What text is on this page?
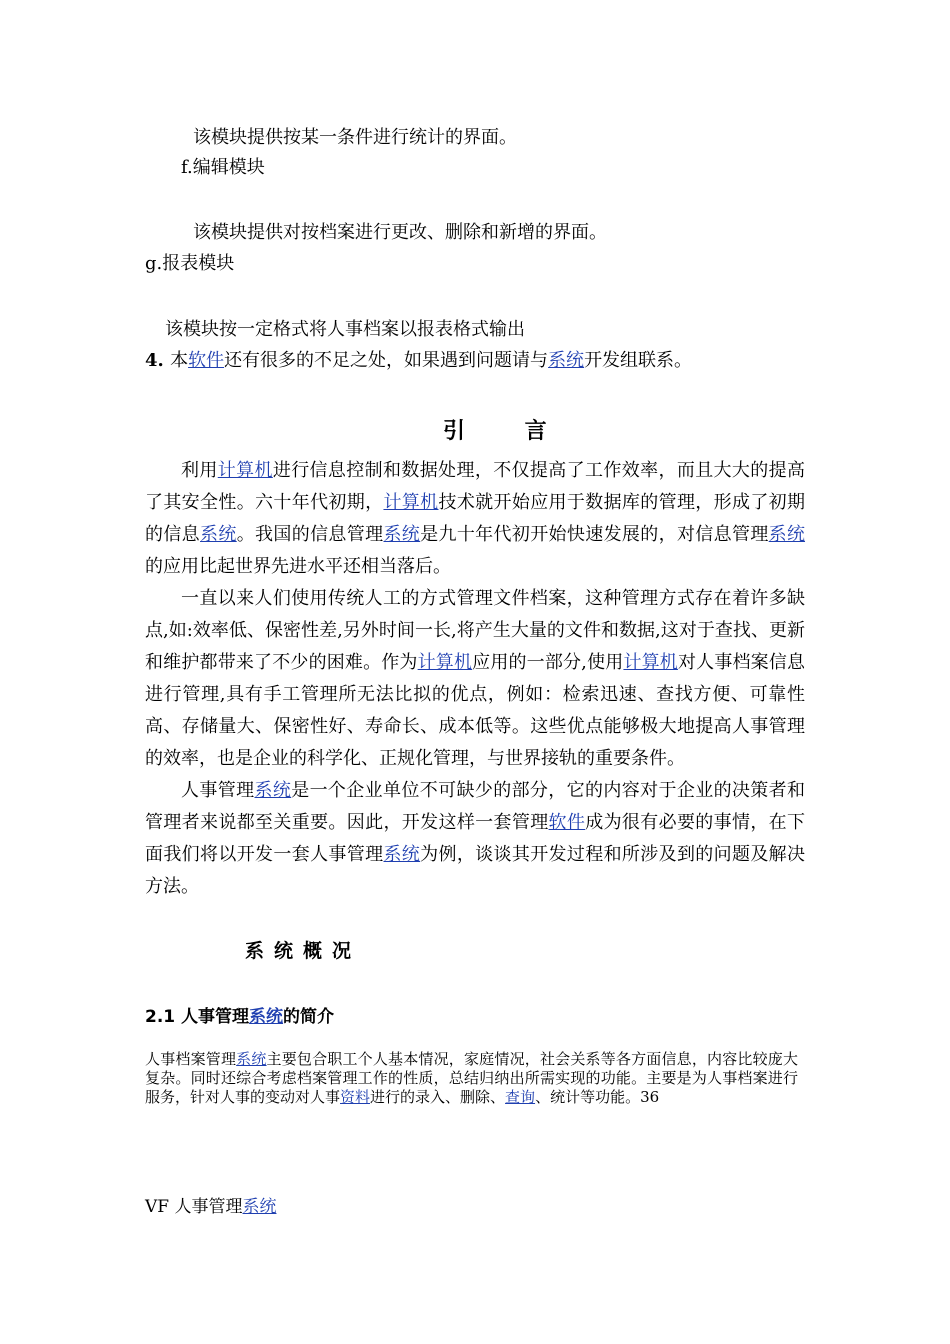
该模块提供按某一条件进行统计的界面。
f.编辑模块
该模块提供对按档案进行更改、删除和新增的界面。
g.报表模块
该模块按一定格式将人事档案以报表格式输出
4. 本软件还有很多的不足之处，如果遇到问题请与系统开发组联系。
引 言

利用计算机进行信息控制和数据处理，不仅提高了工作效率，而且大大的提高了其安全性。六十年代初期，计算机技术就开始应用于数据库的管理，形成了初期的信息系统。我国的信息管理系统是九十年代初开始快速发展的，对信息管理系统的应用比起世界先进水平还相当落后。

一直以来人们使用传统人工的方式管理文件档案，这种管理方式存在着许多缺点,如:效率低、保密性差,另外时间一长,将产生大量的文件和数据,这对于查找、更新和维护都带来了不少的困难。作为计算机应用的一部分,使用计算机对人事档案信息进行管理,具有手工管理所无法比拟的优点，例如：检索迅速、查找方便、可靠性高、存储量大、保密性好、寿命长、成本低等。这些优点能够极大地提高人事管理的效率，也是企业的科学化、正规化管理，与世界接轨的重要条件。

人事管理系统是一个企业单位不可缺少的部分，它的内容对于企业的决策者和管理者来说都至关重要。因此，开发这样一套管理软件成为很有必要的事情，在下面我们将以开发一套人事管理系统为例，谈谈其开发过程和所涉及到的问题及解决方法。

系统概况
2.1 人事管理系统的简介
人事档案管理系统主要包合职工个人基本情况，家庭情况，社会关系等各方面信息，内容比较庞大复杂。同时还综合考虑档案管理工作的性质，总结归纳出所需实现的功能。主要是为人事档案进行服务，针对人事的变动对人事资料进行的录入、删除、查询、统计等功能。36
VF 人事管理系统
